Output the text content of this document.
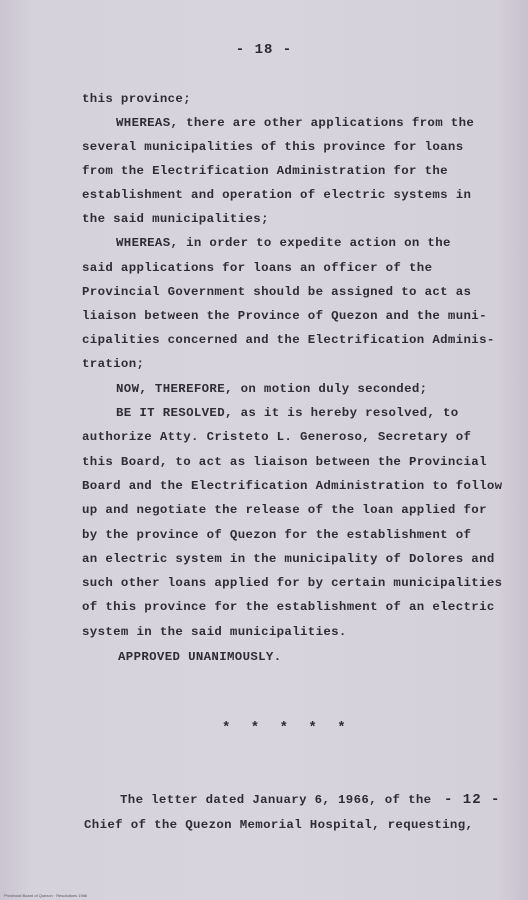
- 18 -
this province;
WHEREAS, there are other applications from the
several municipalities of this province for loans
from the Electrification Administration for the
establishment and operation of electric systems in
the said municipalities;
WHEREAS, in order to expedite action on the
said applications for loans an officer of the
Provincial Government should be assigned to act as
liaison between the Province of Quezon and the muni-
cipalities concerned and the Electrification Adminis-
tration;
NOW, THEREFORE, on motion duly seconded;
BE IT RESOLVED, as it is hereby resolved, to
authorize Atty. Cristeto L. Generoso, Secretary of
this Board, to act as liaison between the Provincial
Board and the Electrification Administration to follow
up and negotiate the release of the loan applied for
by the province of Quezon for the establishment of
an electric system in the municipality of Dolores and
such other loans applied for by certain municipalities
of this province for the establishment of an electric
system in the said municipalities.
APPROVED UNANIMOUSLY.
* * * * *
The letter dated January 6, 1966, of the - 12 -
Chief of the Quezon Memorial Hospital, requesting,
Provincial Board of Quezon · Resolutions 1966
